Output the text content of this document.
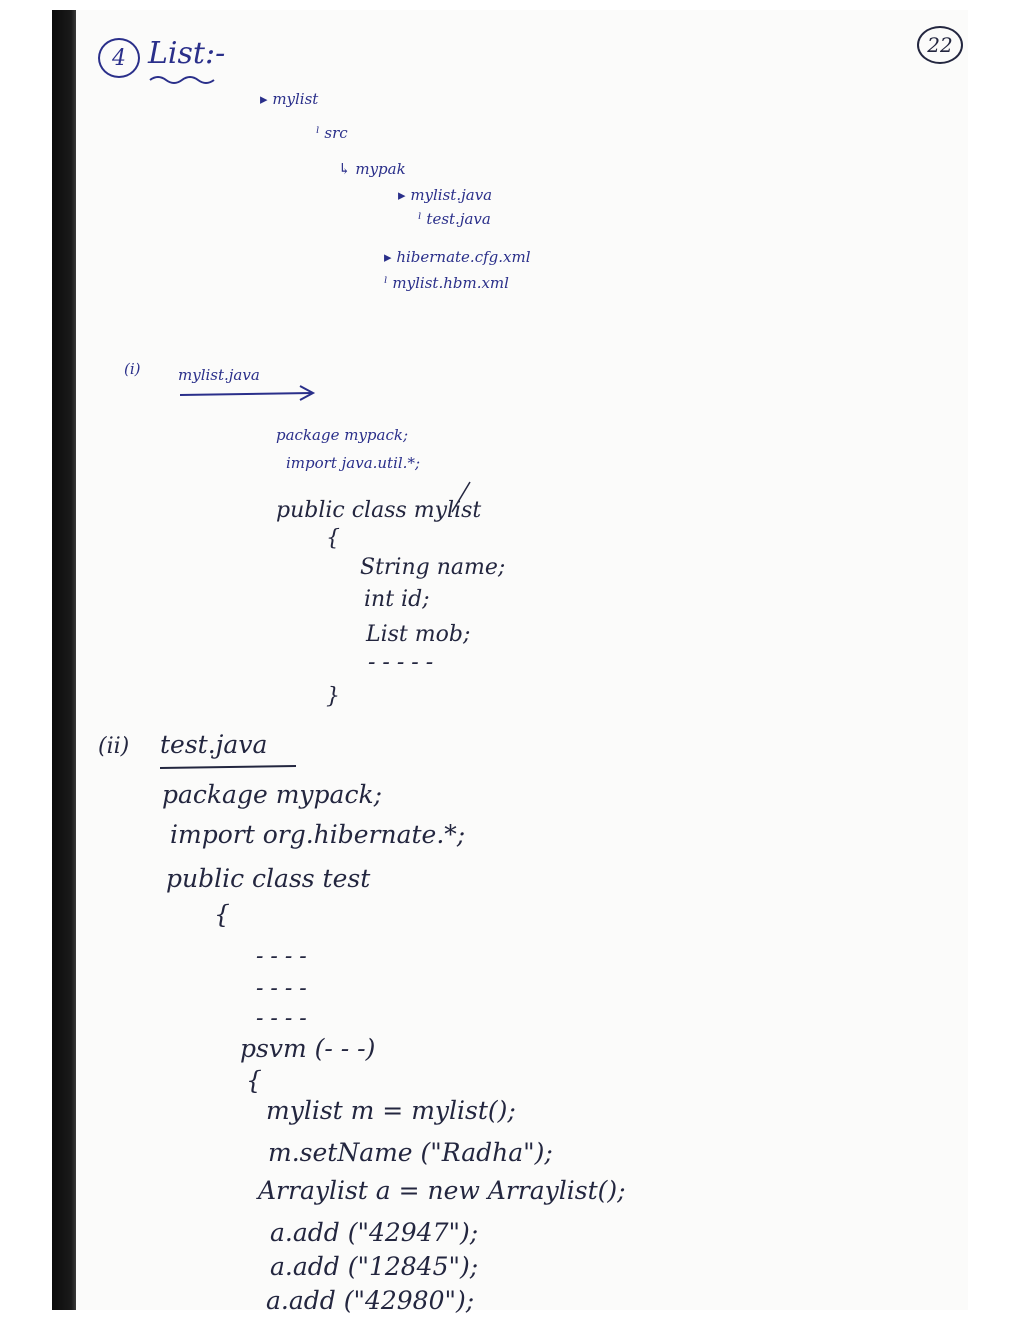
22
4 List:-
▸ mylist
ˡ src
↳ mypak
▸ mylist.java
ˡ test.java
▸ hibernate.cfg.xml
ˡ mylist.hbm.xml
(i) mylist.java
package mypack;
import java.util.*;
public class mylist
{
String name;
int id;
List mob;
- - - - -
}
(ii) test.java
package mypack;
import org.hibernate.*;
public class test
{
- - - -
- - - -
- - - -
psvm (- - -)
{
mylist m = mylist();
m.setName ("Radha");
Arraylist a = new Arraylist();
a.add ("42947");
a.add ("12845");
a.add ("42980");
